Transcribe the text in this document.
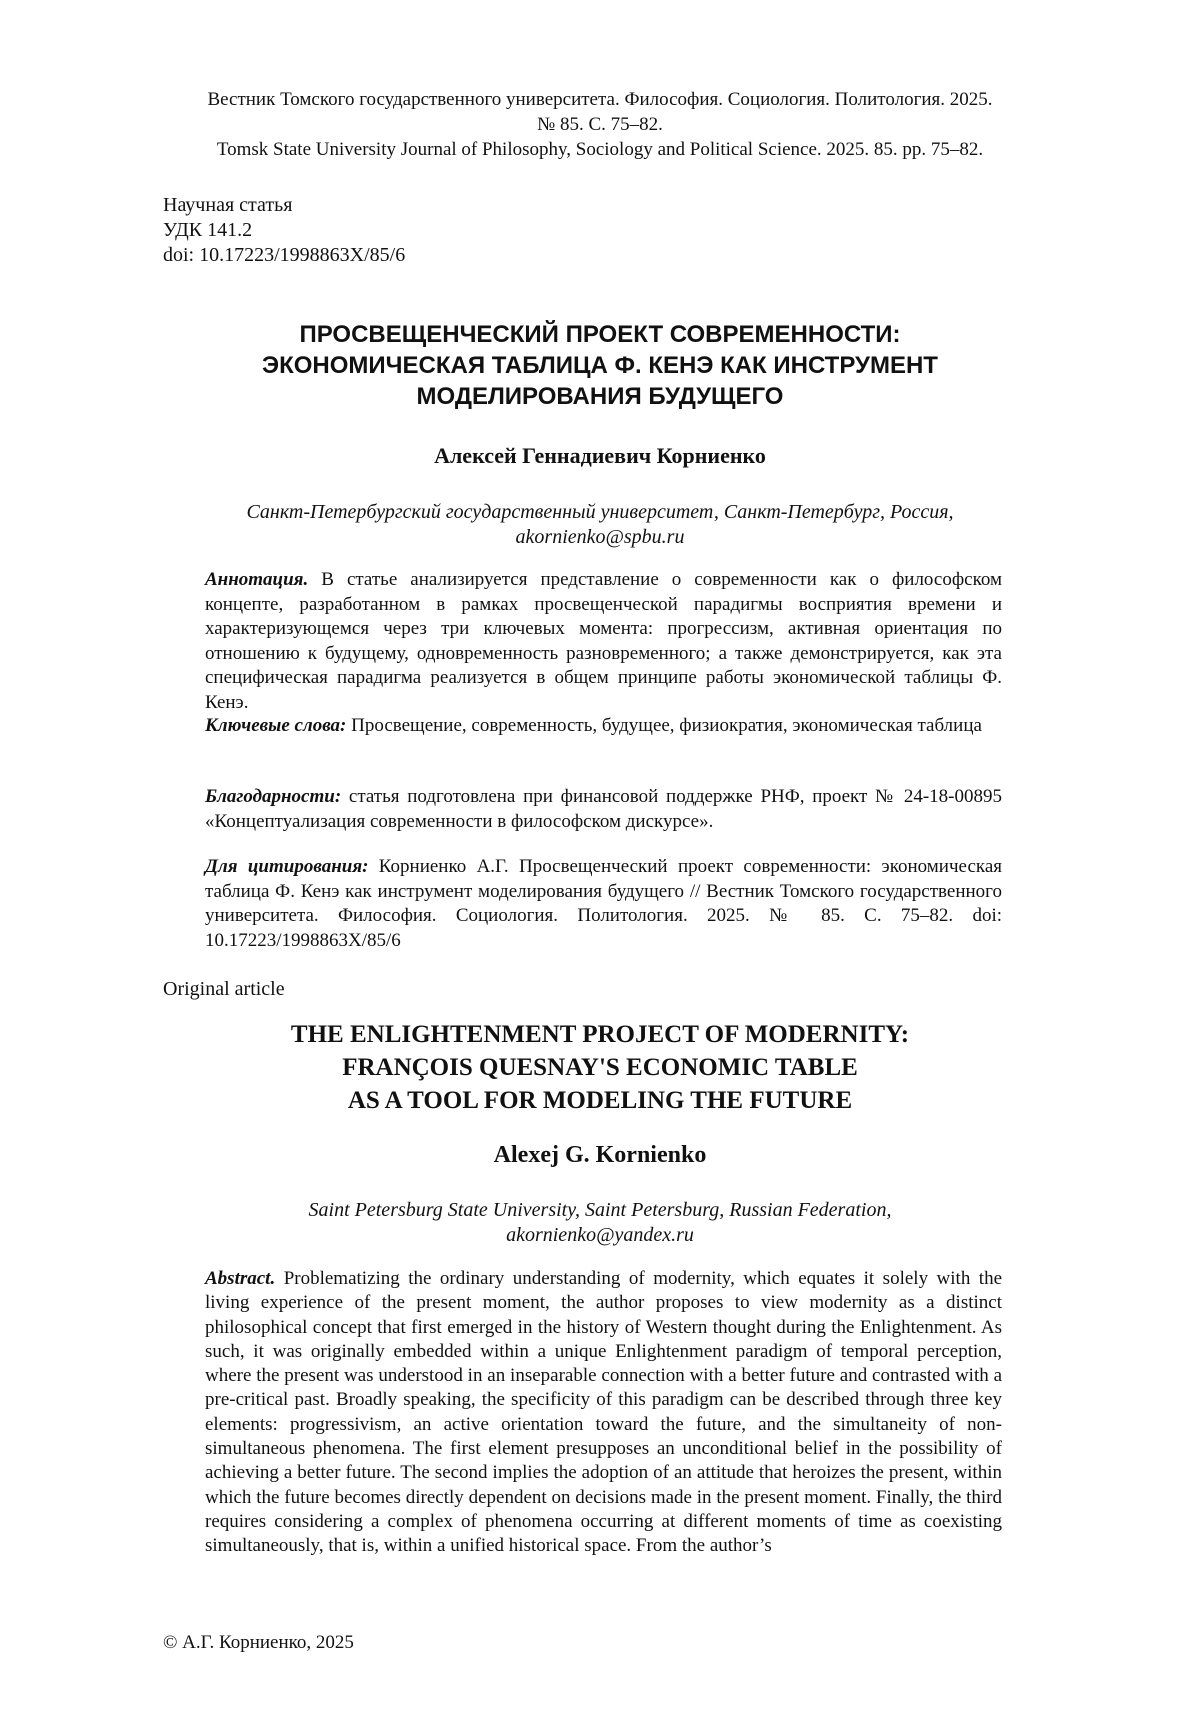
Вестник Томского государственного университета. Философия. Социология. Политология. 2025.
№ 85. С. 75–82.
Tomsk State University Journal of Philosophy, Sociology and Political Science. 2025. 85. pp. 75–82.
Научная статья
УДК 141.2
doi: 10.17223/1998863X/85/6
ПРОСВЕЩЕНЧЕСКИЙ ПРОЕКТ СОВРЕМЕННОСТИ:
ЭКОНОМИЧЕСКАЯ ТАБЛИЦА Ф. КЕНЭ КАК ИНСТРУМЕНТ
МОДЕЛИРОВАНИЯ БУДУЩЕГО
Алексей Геннадиевич Корниенко
Санкт-Петербургский государственный университет, Санкт-Петербург, Россия,
akornienko@spbu.ru
Аннотация. В статье анализируется представление о современности как о философском концепте, разработанном в рамках просвещенческой парадигмы восприятия времени и характеризующемся через три ключевых момента: прогрессизм, активная ориентация по отношению к будущему, одновременность разновременного; а также демонстрируется, как эта специфическая парадигма реализуется в общем принципе работы экономической таблицы Ф. Кенэ.
Ключевые слова: Просвещение, современность, будущее, физиократия, экономическая таблица
Благодарности: статья подготовлена при финансовой поддержке РНФ, проект № 24-18-00895 «Концептуализация современности в философском дискурсе».
Для цитирования: Корниенко А.Г. Просвещенческий проект современности: экономическая таблица Ф. Кенэ как инструмент моделирования будущего // Вестник Томского государственного университета. Философия. Социология. Политология. 2025. № 85. С. 75–82. doi: 10.17223/1998863X/85/6
Original article
THE ENLIGHTENMENT PROJECT OF MODERNITY:
FRANÇOIS QUESNAY'S ECONOMIC TABLE
AS A TOOL FOR MODELING THE FUTURE
Alexej G. Kornienko
Saint Petersburg State University, Saint Petersburg, Russian Federation,
akornienko@yandex.ru
Abstract. Problematizing the ordinary understanding of modernity, which equates it solely with the living experience of the present moment, the author proposes to view modernity as a distinct philosophical concept that first emerged in the history of Western thought during the Enlightenment. As such, it was originally embedded within a unique Enlightenment paradigm of temporal perception, where the present was understood in an inseparable connection with a better future and contrasted with a pre-critical past. Broadly speaking, the specificity of this paradigm can be described through three key elements: progressivism, an active orientation toward the future, and the simultaneity of non-simultaneous phenomena. The first element presupposes an unconditional belief in the possibility of achieving a better future. The second implies the adoption of an attitude that heroizes the present, within which the future becomes directly dependent on decisions made in the present moment. Finally, the third requires considering a complex of phenomena occurring at different moments of time as coexisting simultaneously, that is, within a unified historical space. From the author’s
© А.Г. Корниенко, 2025
